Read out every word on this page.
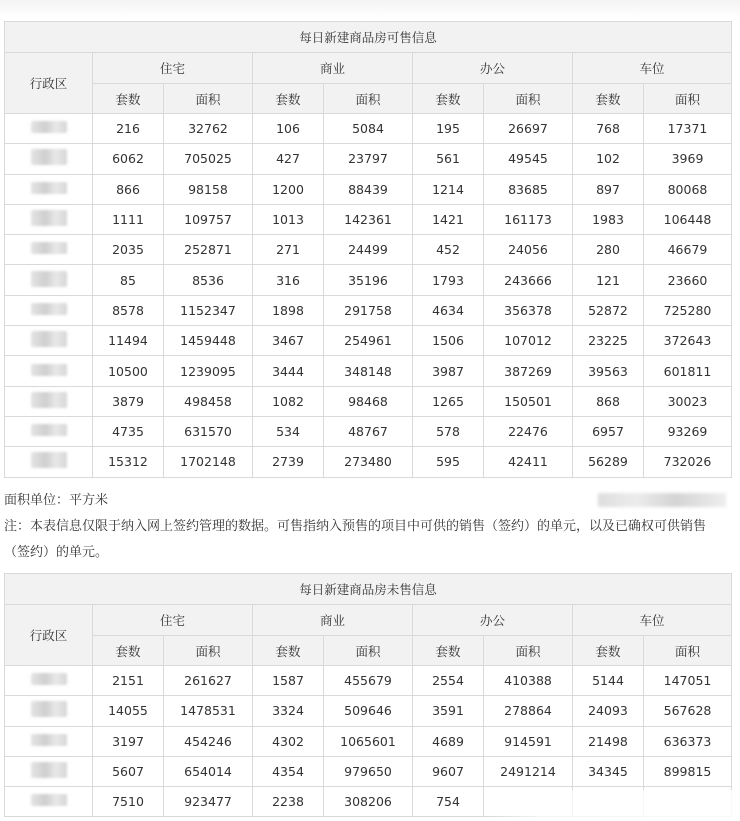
每日新建商品房可售信息								
行政区	住宅		商业		办公		车位	
	套数	面积	套数	面积	套数	面积	套数	面积
	216	32762	106	5084	195	26697	768	17371
	6062	705025	427	23797	561	49545	102	3969
	866	98158	1200	88439	1214	83685	897	80068
	1111	109757	1013	142361	1421	161173	1983	106448
	2035	252871	271	24499	452	24056	280	46679
	85	8536	316	35196	1793	243666	121	23660
	8578	1152347	1898	291758	4634	356378	52872	725280
	11494	1459448	3467	254961	1506	107012	23225	372643
	10500	1239095	3444	348148	3987	387269	39563	601811
	3879	498458	1082	98468	1265	150501	868	30023
	4735	631570	534	48767	578	22476	6957	93269
	15312	1702148	2739	273480	595	42411	56289	732026
面积单位：平方米
注：本表信息仅限于纳入网上签约管理的数据。可售指纳入预售的项目中可供的销售（签约）的单元，以及已确权可供销售（签约）的单元。
每日新建商品房未售信息								
行政区	住宅		商业		办公		车位	
	套数	面积	套数	面积	套数	面积	套数	面积
	2151	261627	1587	455679	2554	410388	5144	147051
	14055	1478531	3324	509646	3591	278864	24093	567628
	3197	454246	4302	1065601	4689	914591	21498	636373
	5607	654014	4354	979650	9607	2491214	34345	899815
	7510	923477	2238	308206	754			
